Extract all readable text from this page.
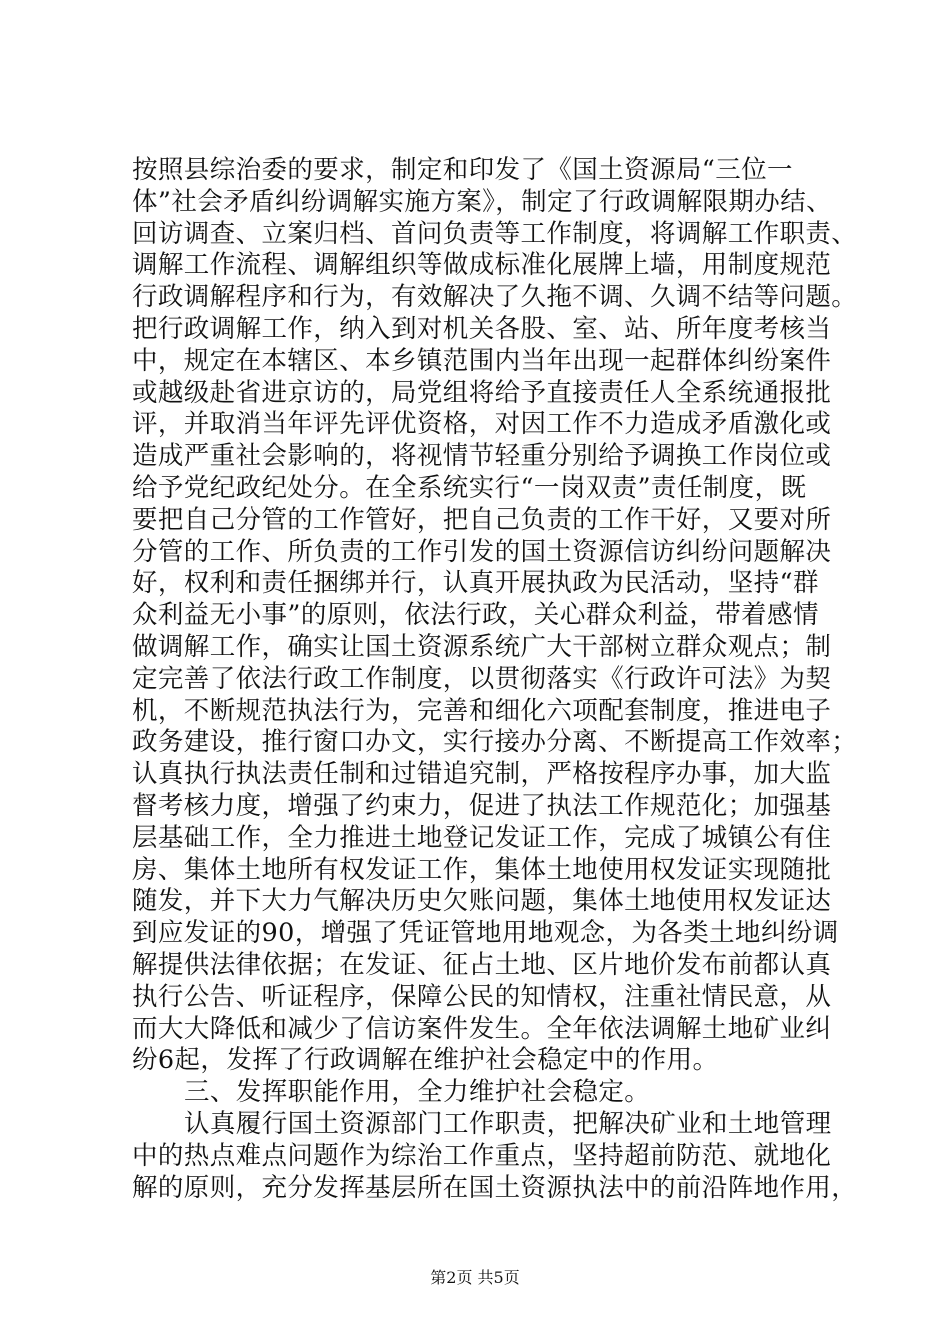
按照县综治委的要求，制定和印发了《国土资源局“三位一
体”社会矛盾纠纷调解实施方案》，制定了行政调解限期办结、
回访调查、立案归档、首问负责等工作制度，将调解工作职责、
调解工作流程、调解组织等做成标准化展牌上墙，用制度规范
行政调解程序和行为，有效解决了久拖不调、久调不结等问题。
把行政调解工作，纳入到对机关各股、室、站、所年度考核当
中，规定在本辖区、本乡镇范围内当年出现一起群体纠纷案件
或越级赴省进京访的，局党组将给予直接责任人全系统通报批
评，并取消当年评先评优资格，对因工作不力造成矛盾激化或
造成严重社会影响的，将视情节轻重分别给予调换工作岗位或
给予党纪政纪处分。在全系统实行“一岗双责”责任制度，既
要把自己分管的工作管好，把自己负责的工作干好，又要对所
分管的工作、所负责的工作引发的国土资源信访纠纷问题解决
好，权利和责任捆绑并行，认真开展执政为民活动，坚持“群
众利益无小事”的原则，依法行政，关心群众利益，带着感情
做调解工作，确实让国土资源系统广大干部树立群众观点；制
定完善了依法行政工作制度，以贯彻落实《行政许可法》为契
机，不断规范执法行为，完善和细化六项配套制度，推进电子
政务建设，推行窗口办文，实行接办分离、不断提高工作效率；
认真执行执法责任制和过错追究制，严格按程序办事，加大监
督考核力度，增强了约束力，促进了执法工作规范化；加强基
层基础工作，全力推进土地登记发证工作，完成了城镇公有住
房、集体土地所有权发证工作，集体土地使用权发证实现随批
随发，并下大力气解决历史欠账问题，集体土地使用权发证达
到应发证的90，增强了凭证管地用地观念，为各类土地纠纷调
解提供法律依据；在发证、征占土地、区片地价发布前都认真
执行公告、听证程序，保障公民的知情权，注重社情民意，从
而大大降低和减少了信访案件发生。全年依法调解土地矿业纠
纷6起，发挥了行政调解在维护社会稳定中的作用。
三、发挥职能作用，全力维护社会稳定。
认真履行国土资源部门工作职责，把解决矿业和土地管理
中的热点难点问题作为综治工作重点，坚持超前防范、就地化
解的原则，充分发挥基层所在国土资源执法中的前沿阵地作用，
第2页 共5页
